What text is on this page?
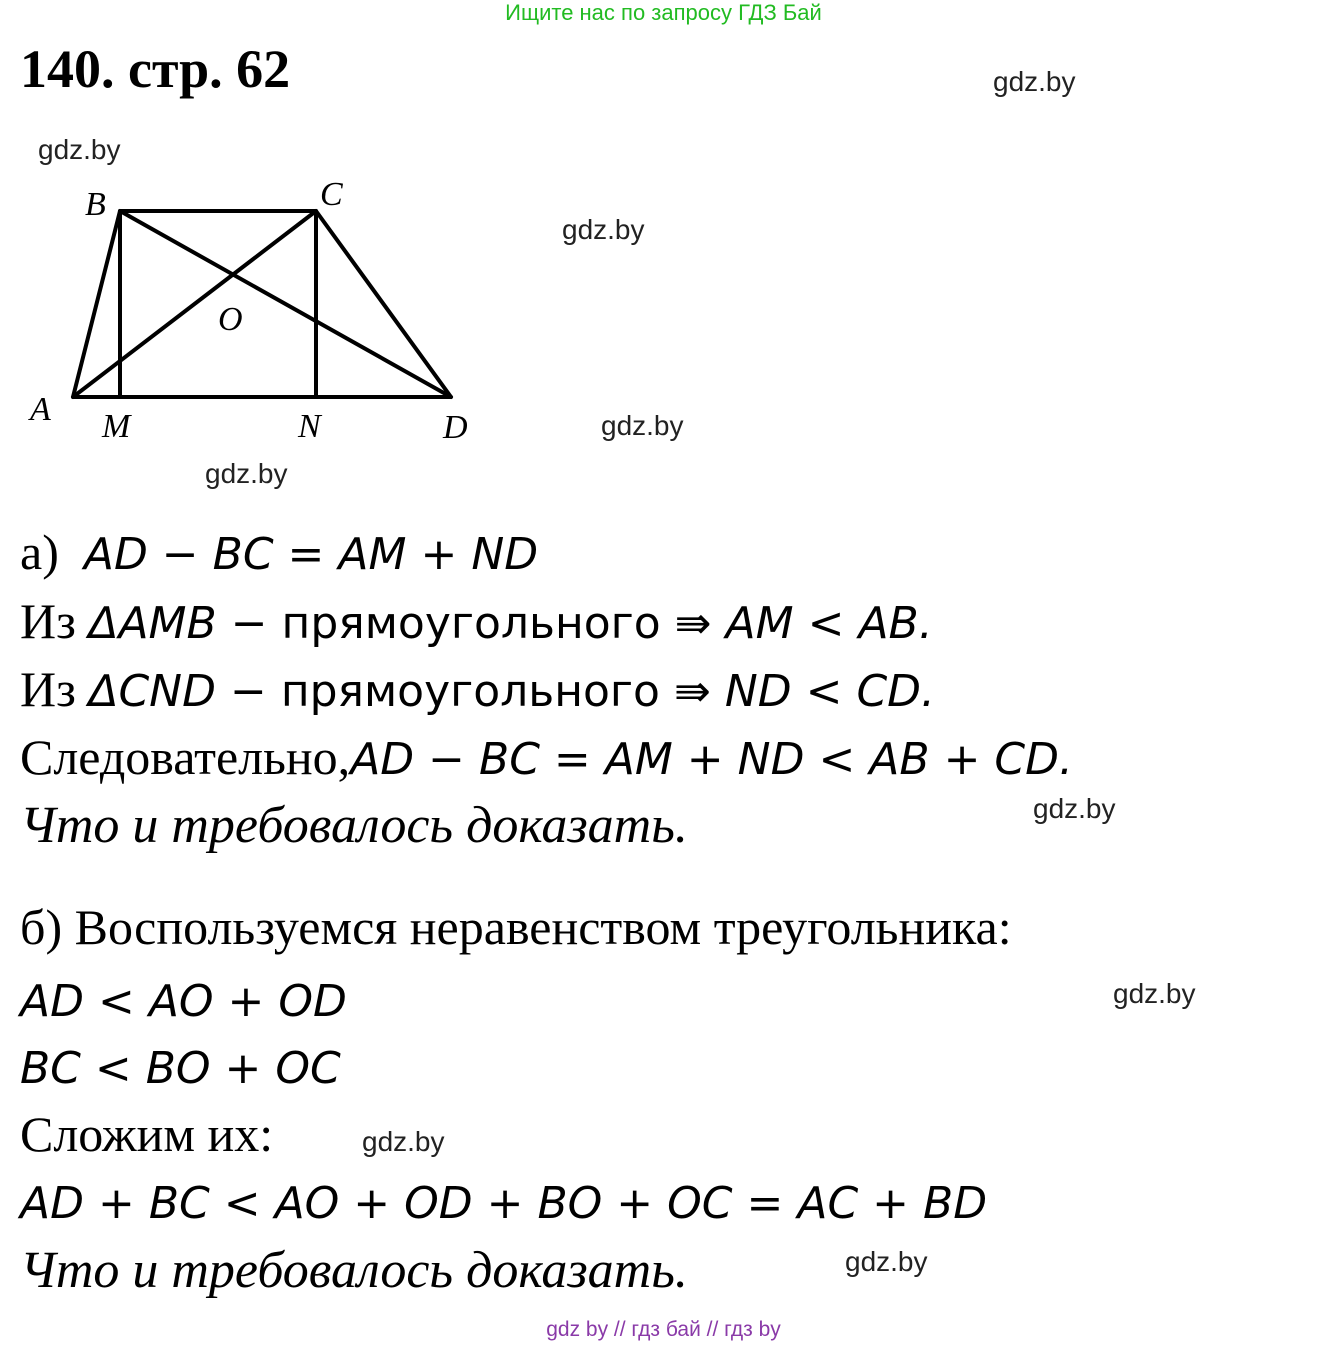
Ищите нас по запросу ГДЗ Бай
140. стр. 62	gdz.by
gdz.by
gdz.by
gdz.by
gdz.by
gdz.by
gdz.by
gdz.by
gdz.by
A
B	C
D
M	N
O
а) AD − BC = AM + ND
Из ΔAMB − прямоугольного ⇛ AM < AB.
Из ΔCND − прямоугольного ⇛ ND < CD.
Следовательно,AD − BC = AM + ND < AB + CD.
Что и требовалось доказать.
б) Воспользуемся неравенством треугольника:
AD < AO + OD
BC < BO + OC
Сложим их:
AD + BC < AO + OD + BO + OC = AC + BD
Что и требовалось доказать.
gdz by // гдз бай // гдз by
